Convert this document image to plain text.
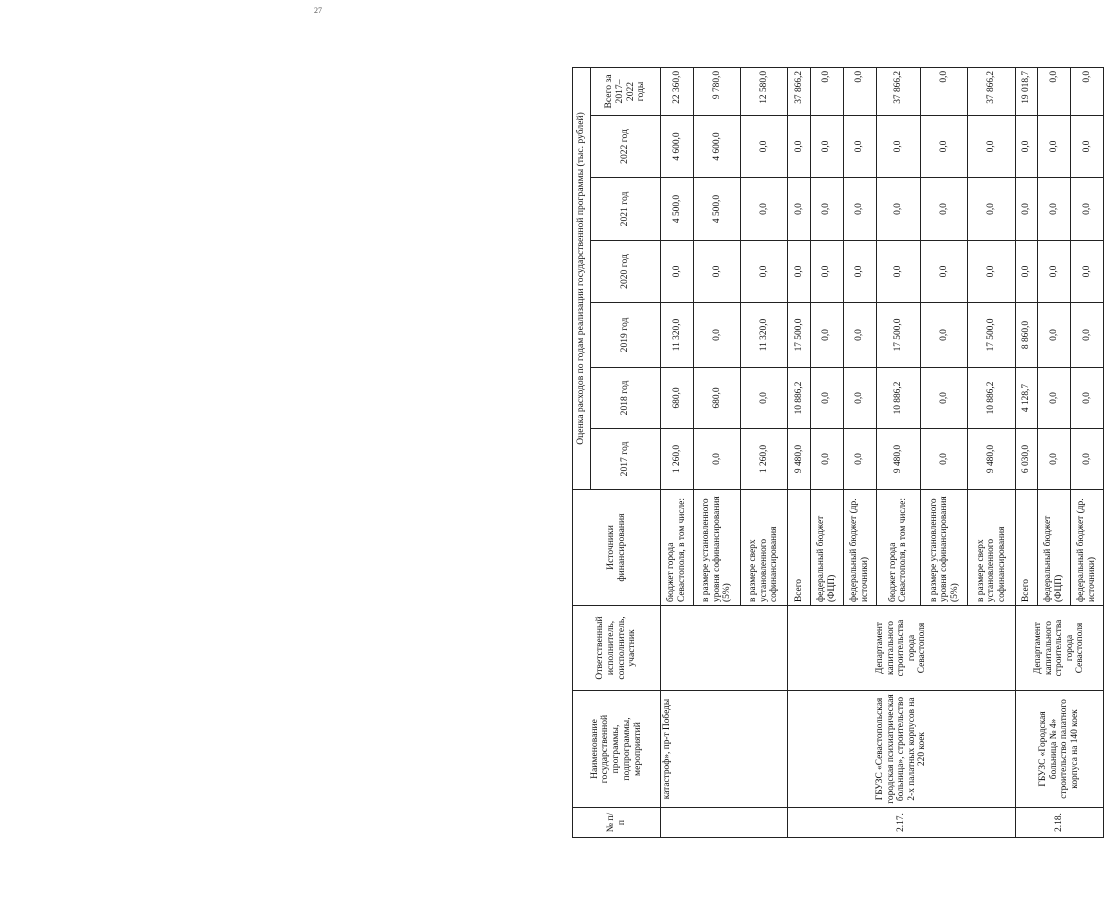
27
№ п/п	Наименование государственной программы, подпрограммы, мероприятий	Ответственный исполнитель, соисполнитель, участник	Источники финансирования	Оценка расходов по годам реализации государственной программы (тыс. рублей)						
				2017 год	2018 год	2019 год	2020 год	2021 год	2022 год	Всего за 2017–2022 годы
	катастроф», пр-т Победы		бюджет города Севастополя, в том числе:	1 260,0	680,0	11 320,0	0,0	4 500,0	4 600,0	22 360,0
			в размере установленного уровня софинансирования (5%)	0,0	680,0	0,0	0,0	4 500,0	4 600,0	9 780,0
			в размере сверх установленного софинансирования	1 260,0	0,0	11 320,0	0,0	0,0	0,0	12 580,0
2.17.	ГБУЗС «Севастопольская городская психиатрическая больница», строительство 2-х палатных корпусов на 220 коек	Департамент капитального строительства города Севастополя	Всего	9 480,0	10 886,2	17 500,0	0,0	0,0	0,0	37 866,2
			федеральный бюджет (ФЦП)	0,0	0,0	0,0	0,0	0,0	0,0	0,0
			федеральный бюджет (др. источники)	0,0	0,0	0,0	0,0	0,0	0,0	0,0
			бюджет города Севастополя, в том числе:	9 480,0	10 886,2	17 500,0	0,0	0,0	0,0	37 866,2
			в размере установленного уровня софинансирования (5%)	0,0	0,0	0,0	0,0	0,0	0,0	0,0
			в размере сверх установленного софинансирования	9 480,0	10 886,2	17 500,0	0,0	0,0	0,0	37 866,2
2.18.	ГБУЗС «Городская больница № 4» строительство палатного корпуса на 140 коек	Департамент капитального строительства города Севастополя	Всего	6 030,0	4 128,7	8 860,0	0,0	0,0	0,0	19 018,7
			федеральный бюджет (ФЦП)	0,0	0,0	0,0	0,0	0,0	0,0	0,0
			федеральный бюджет (др. источники)	0,0	0,0	0,0	0,0	0,0	0,0	0,0
